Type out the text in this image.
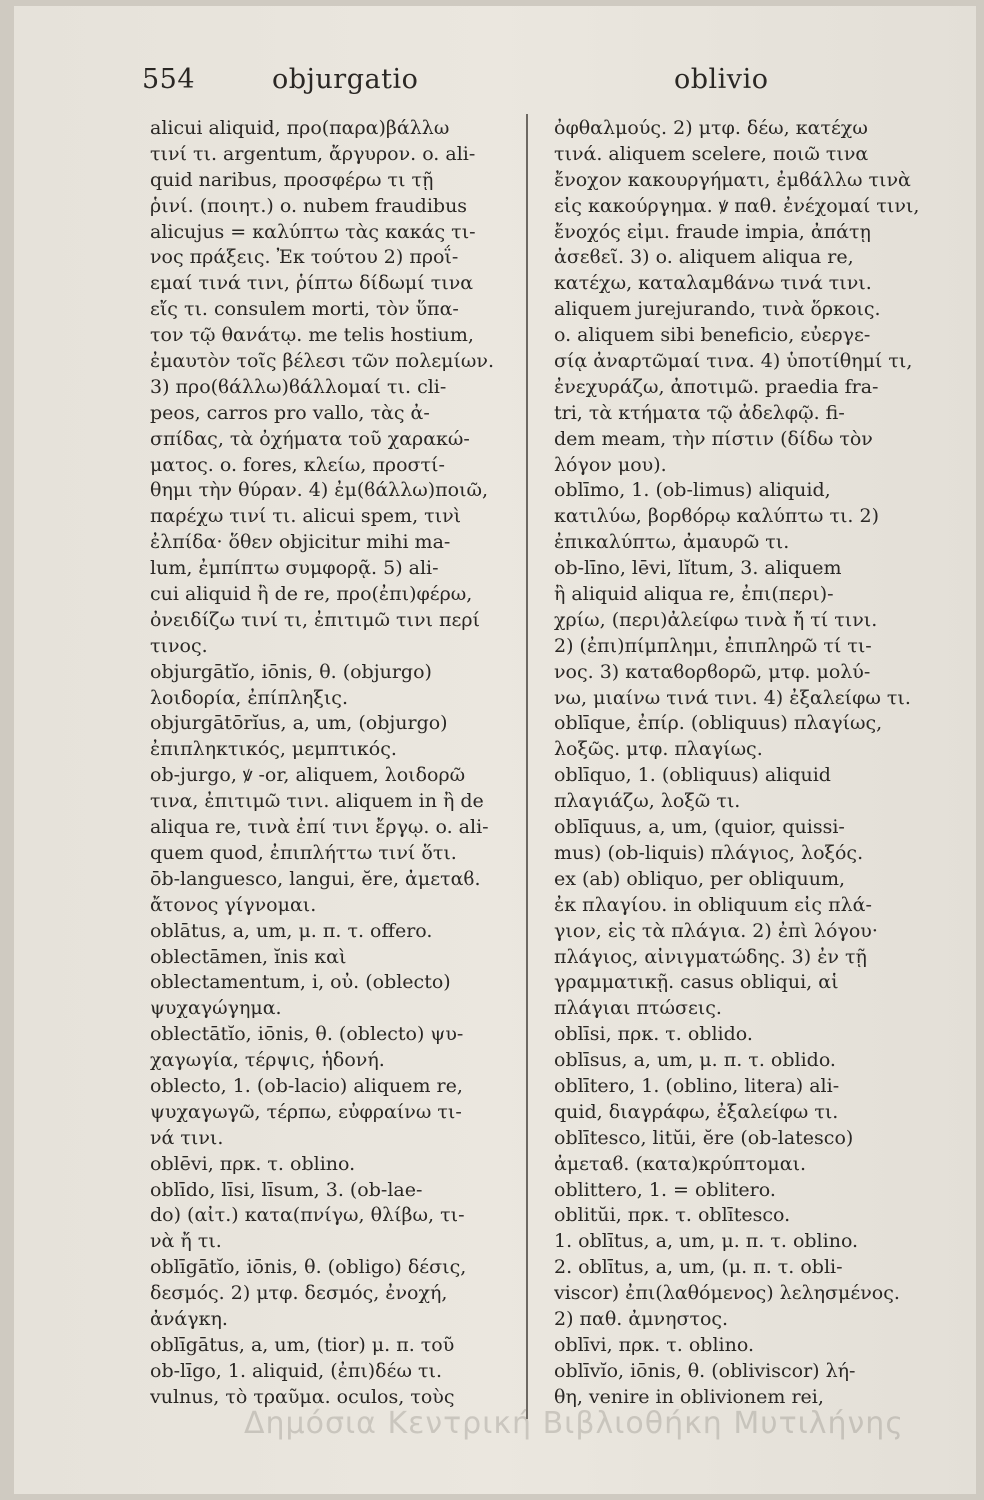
554	objurgatio	oblivio
alicui aliquid, προ(παρα)βάλλω
τινί τι. argentum, ἄργυρον. o. ali-
quid naribus, προσφέρω τι τῇ
ῥινί. (ποιητ.) o. nubem fraudibus
alicujus = καλύπτω τὰς κακάς τι-
νος πράξεις. Ἐκ τούτου 2) προΐ-
εμαί τινά τινι, ῥίπτω δίδωμί τινα
εἴς τι. consulem morti, τὸν ὕπα-
τον τῷ θανάτῳ. me telis hostium,
ἐμαυτὸν τοῖς βέλεσι τῶν πολεμίων.
3) προ(ϐάλλω)ϐάλλομαί τι. cli-
peos, carros pro vallo, τὰς ἀ-
σπίδας, τὰ ὀχήματα τοῦ χαρακώ-
ματος. o. fores, κλείω, προστί-
θημι τὴν θύραν. 4) ἐμ(ϐάλλω)ποιῶ,
παρέχω τινί τι. alicui spem, τινὶ
ἐλπίδα· ὅθεν objicitur mihi ma-
lum, ἐμπίπτω συμφορᾷ. 5) ali-
cui aliquid ἢ de re, προ(ἐπι)φέρω,
ὀνειδίζω τινί τι, ἐπιτιμῶ τινι περί
τινος.
objurgātĭo, iōnis, θ. (objurgo)
λοιδορία, ἐπίπληξις.
objurgātōrĭus, a, um, (objurgo)
ἐπιπληκτικός, μεμπτικός.
ob-jurgo, ꝟ -or, aliquem, λοιδορῶ
τινα, ἐπιτιμῶ τινι. aliquem in ἢ de
aliqua re, τινὰ ἐπί τινι ἔργῳ. o. ali-
quem quod, ἐπιπλήττω τινί ὅτι.
ōb-languesco, langui, ĕre, ἀμεταϐ.
ἄτονος γίγνομαι.
oblātus, a, um, μ. π. τ. offero.
oblectāmen, ĭnis καὶ
oblectamentum, i, οὐ. (oblecto)
ψυχαγώγημα.
oblectātĭo, iōnis, θ. (oblecto) ψυ-
χαγωγία, τέρψις, ἡδονή.
oblecto, 1. (ob-lacio) aliquem re,
ψυχαγωγῶ, τέρπω, εὐφραίνω τι-
νά τινι.
oblēvi, πρκ. τ. oblino.
oblīdo, līsi, līsum, 3. (ob-lae-
do) (αἰτ.) κατα(πνίγω, θλίβω, τι-
νὰ ἤ τι.
oblīgātĭo, iōnis, θ. (obligo) δέσις,
δεσμός. 2) μτφ. δεσμός, ἐνοχή,
ἀνάγκη.
oblīgātus, a, um, (tior) μ. π. τοῦ
ob-līgo, 1. aliquid, (ἐπι)δέω τι.
vulnus, τὸ τραῦμα. oculos, τοὺς
ὀφθαλμούς. 2) μτφ. δέω, κατέχω
τινά. aliquem scelere, ποιῶ τινα
ἔνοχον κακουργήματι, ἐμϐάλλω τινὰ
εἰς κακούργημα. ꝟ παθ. ἐνέχομαί τινι,
ἔνοχός εἰμι. fraude impia, ἀπάτῃ
ἀσεϐεῖ. 3) o. aliquem aliqua re,
κατέχω, καταλαμϐάνω τινά τινι.
aliquem jurejurando, τινὰ ὅρκοις.
o. aliquem sibi beneficio, εὐεργε-
σίᾳ ἀναρτῶμαί τινα. 4) ὑποτίθημί τι,
ἐνεχυράζω, ἀποτιμῶ. praedia fra-
tri, τὰ κτήματα τῷ ἀδελφῷ. fi-
dem meam, τὴν πίστιν (δίδω τὸν
λόγον μου).
oblīmo, 1. (ob-limus) aliquid,
κατιλύω, βορϐόρῳ καλύπτω τι. 2)
ἐπικαλύπτω, ἀμαυρῶ τι.
ob-līno, lēvi, lĭtum, 3. aliquem
ἢ aliquid aliqua re, ἐπι(περι)-
χρίω, (περι)ἀλείφω τινὰ ἤ τί τινι.
2) (ἐπι)πίμπλημι, ἐπιπληρῶ τί τι-
νος. 3) καταϐορϐορῶ, μτφ. μολύ-
νω, μιαίνω τινά τινι. 4) ἐξαλείφω τι.
oblīque, ἐπίρ. (obliquus) πλαγίως,
λοξῶς. μτφ. πλαγίως.
oblīquo, 1. (obliquus) aliquid
πλαγιάζω, λοξῶ τι.
oblīquus, a, um, (quior, quissi-
mus) (ob-liquis) πλάγιος, λοξός.
ex (ab) obliquo, per obliquum,
ἐκ πλαγίου. in obliquum εἰς πλά-
γιον, εἰς τὰ πλάγια. 2) ἐπὶ λόγου·
πλάγιος, αἰνιγματώδης. 3) ἐν τῇ
γραμματικῇ. casus obliqui, αἱ
πλάγιαι πτώσεις.
oblīsi, πρκ. τ. oblido.
oblīsus, a, um, μ. π. τ. oblido.
oblītero, 1. (oblino, litera) ali-
quid, διαγράφω, ἐξαλείφω τι.
oblītesco, litŭi, ĕre (ob-latesco)
ἀμεταϐ. (κατα)κρύπτομαι.
oblittero, 1. = oblitero.
oblitŭi, πρκ. τ. oblītesco.
1. oblītus, a, um, μ. π. τ. oblino.
2. oblītus, a, um, (μ. π. τ. obli-
viscor) ἐπι(λαθόμενος) λελησμένος.
2) παθ. ἀμνηστος.
oblīvi, πρκ. τ. oblino.
oblīvĭo, iōnis, θ. (obliviscor) λή-
θη, venire in oblivionem rei,
Δημόσια Κεντρική Βιβλιοθήκη Μυτιλήνης
